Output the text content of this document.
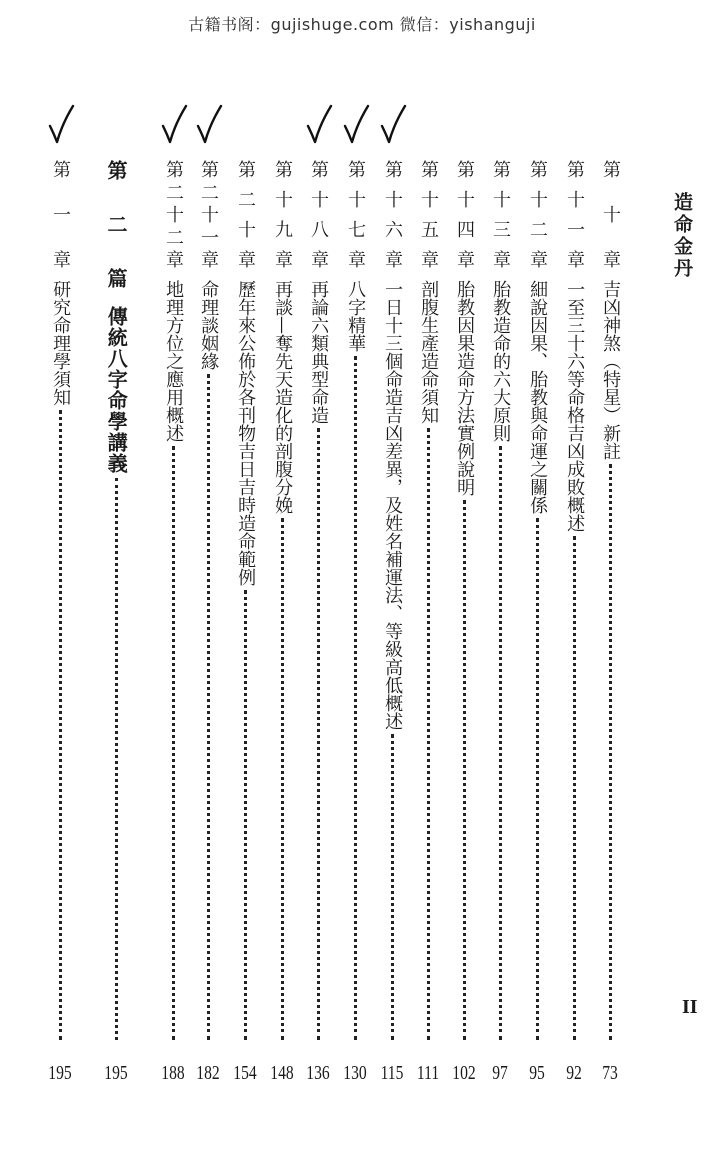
古籍书阁：gujishuge.com 微信：yishanguji
造命金丹
II
第
十
章
吉凶神煞（特星）新註
73
第
十
一
章
一至三十六等命格吉凶成敗概述
92
第
十
二
章
細說因果、胎教與命運之關係
95
第
十
三
章
胎教造命的六大原則
97
第
十
四
章
胎教因果造命方法實例說明
102
第
十
五
章
剖腹生產造命須知
111
第
十
六
章
一日十三個命造吉凶差異，及姓名補運法、等級高低概述
115
第
十
七
章
八字精華
130
第
十
八
章
再論六類典型命造
136
第
十
九
章
再談—奪先天造化的剖腹分娩
148
第
二
十
章
歷年來公佈於各刊物吉日吉時造命範例
154
第
二
十
一
章
命理談姻緣
182
第
二
十
二
章
地理方位之應用概述
188
第
二
篇
傳統八字命學講義
195
第
一
章
研究命理學須知
195
